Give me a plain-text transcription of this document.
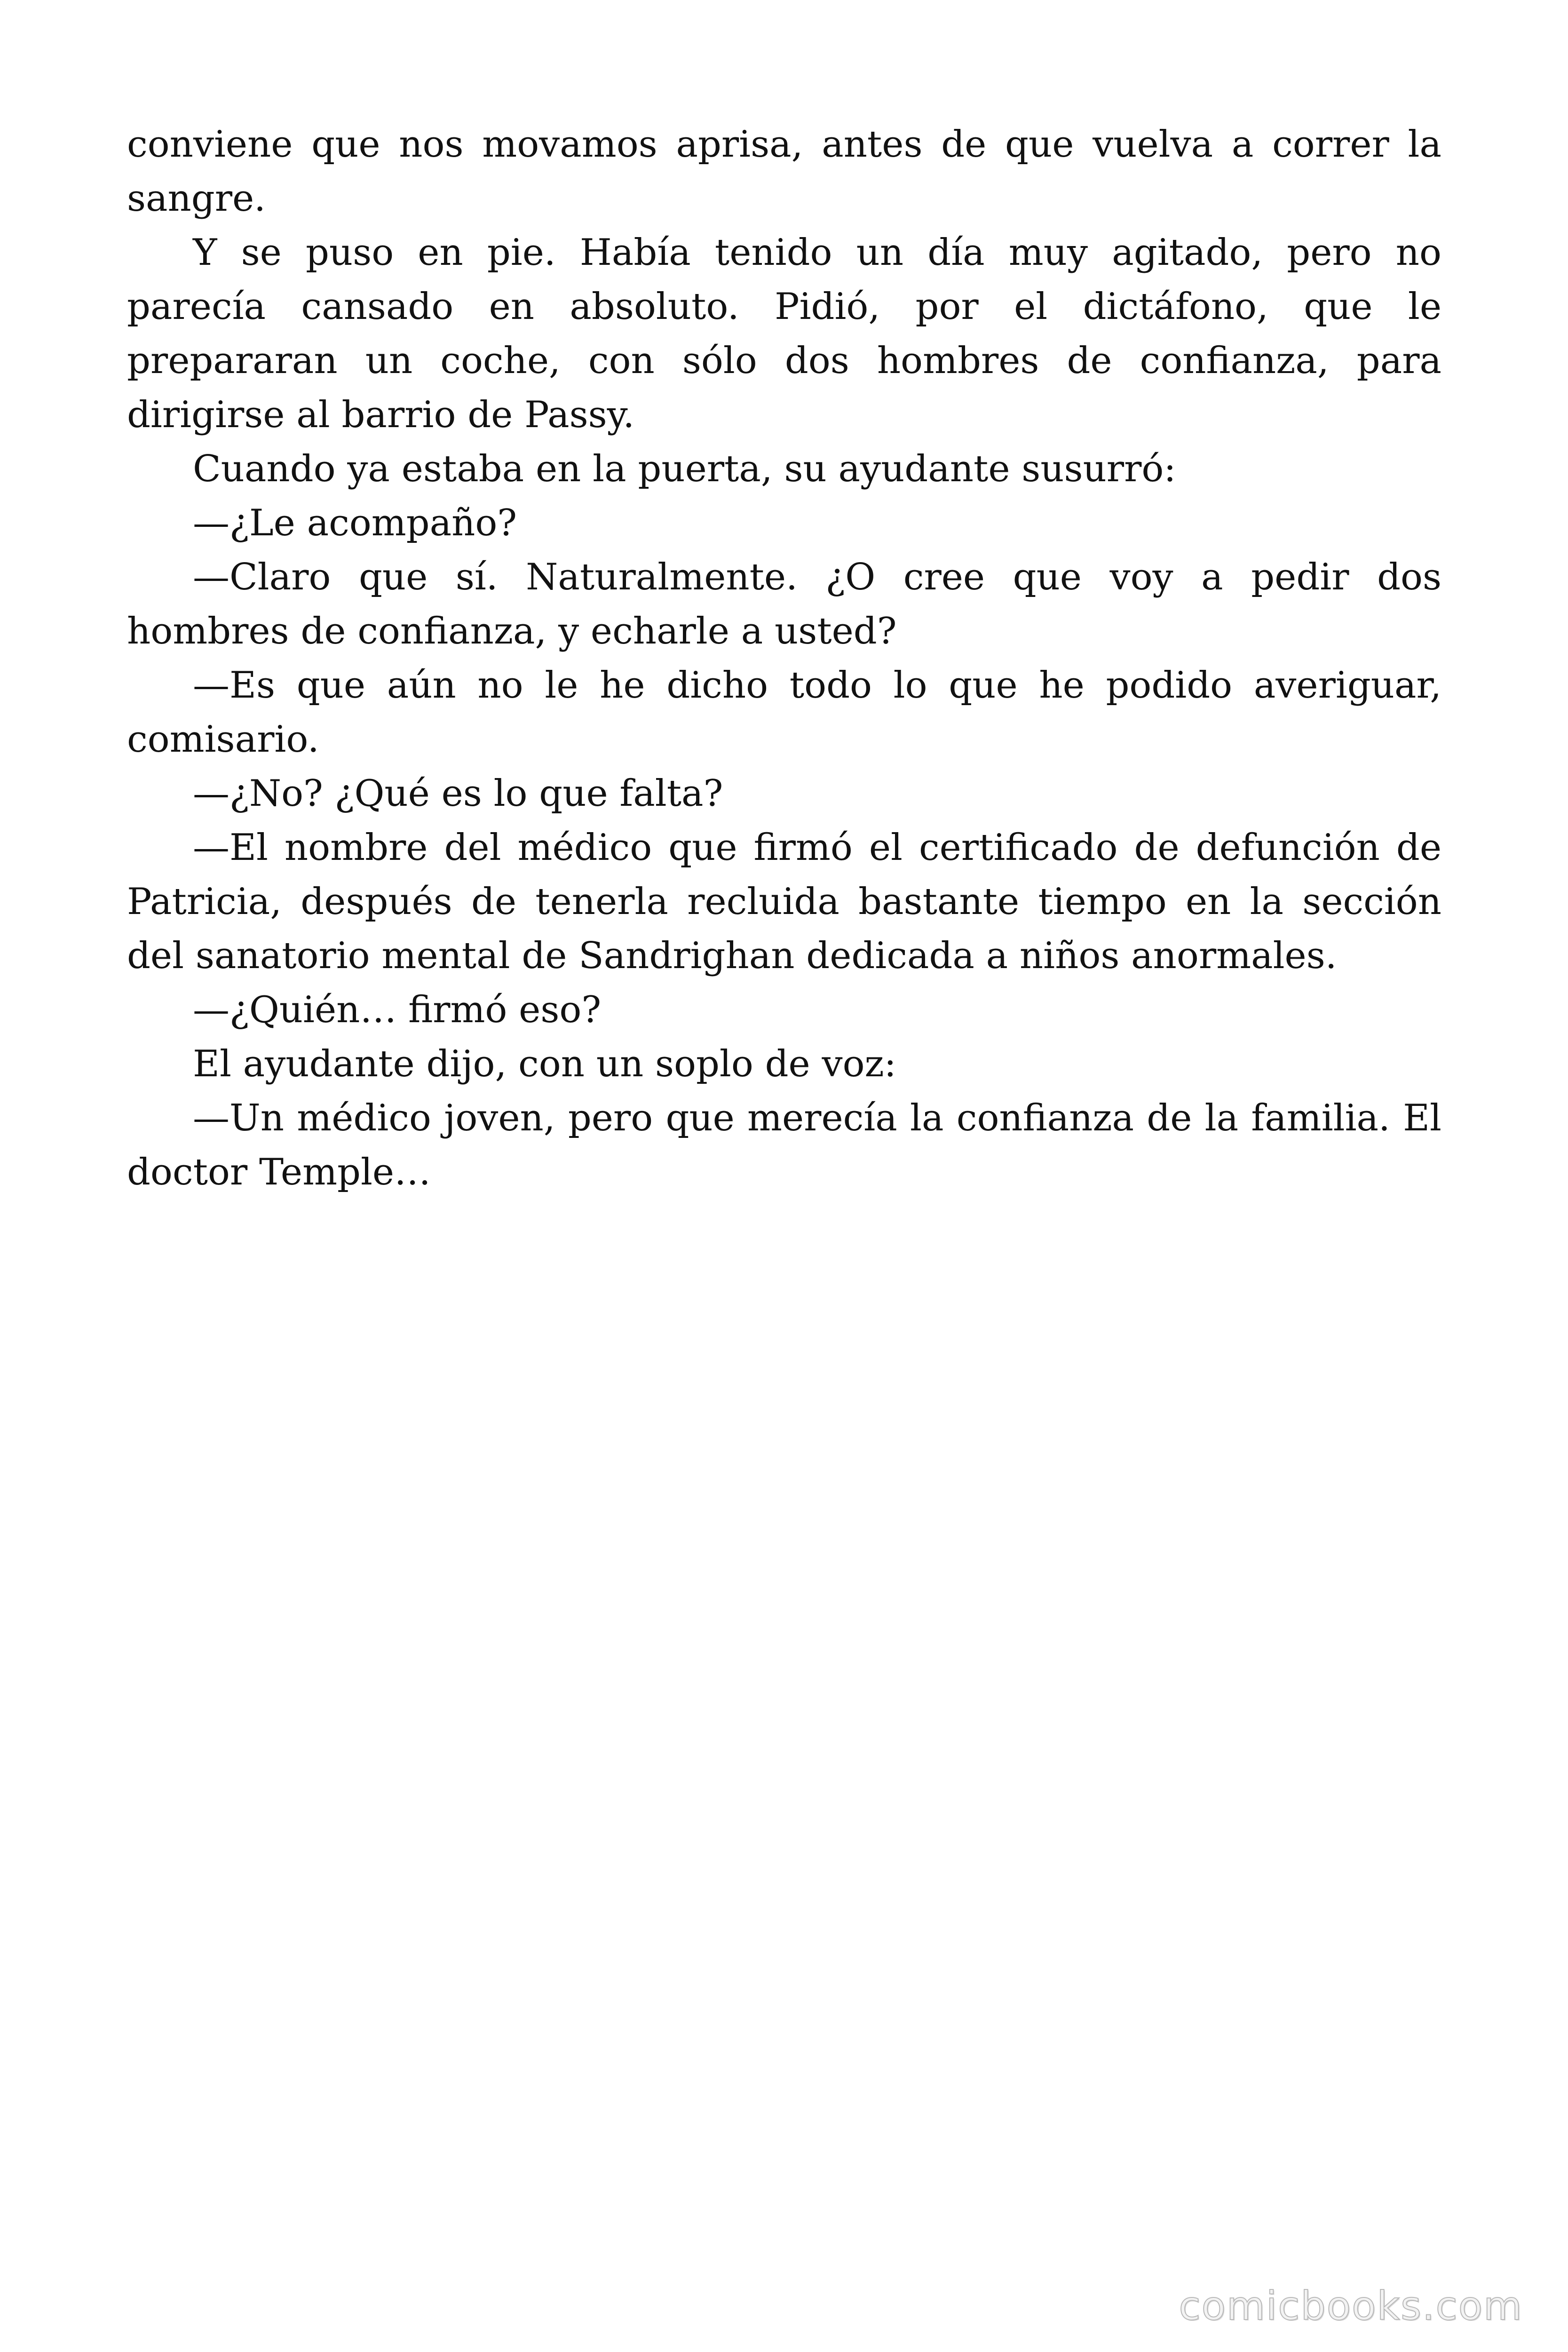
conviene que nos movamos aprisa, antes de que vuelva a correr la sangre.

Y se puso en pie. Había tenido un día muy agitado, pero no parecía cansado en absoluto. Pidió, por el dictáfono, que le prepararan un coche, con sólo dos hombres de confianza, para dirigirse al barrio de Passy.

Cuando ya estaba en la puerta, su ayudante susurró:

—¿Le acompaño?

—Claro que sí. Naturalmente. ¿O cree que voy a pedir dos hombres de confianza, y echarle a usted?

—Es que aún no le he dicho todo lo que he podido averiguar, comisario.

—¿No? ¿Qué es lo que falta?

—El nombre del médico que firmó el certificado de defunción de Patricia, después de tenerla recluida bastante tiempo en la sección del sanatorio mental de Sandrighan dedicada a niños anormales.

—¿Quién… firmó eso?

El ayudante dijo, con un soplo de voz:

—Un médico joven, pero que merecía la confianza de la familia. El doctor Temple…

comicbooks.com
